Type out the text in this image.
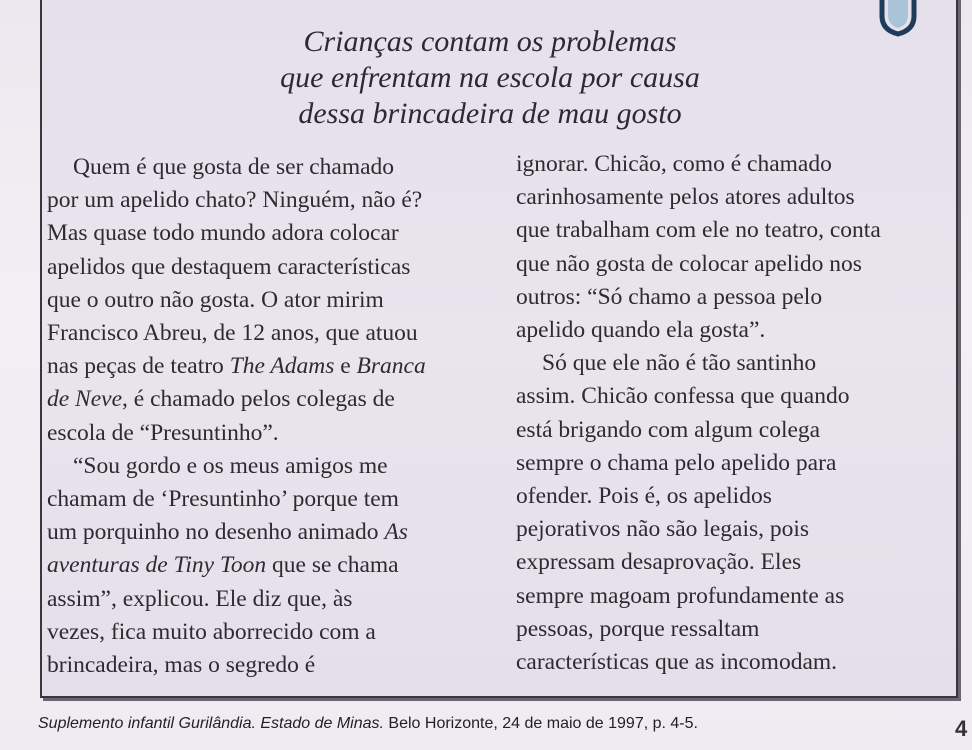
Crianças contam os problemas
que enfrentam na escola por causa
dessa brincadeira de mau gosto
Quem é que gosta de ser chamado
por um apelido chato? Ninguém, não é?
Mas quase todo mundo adora colocar
apelidos que destaquem características
que o outro não gosta. O ator mirim
Francisco Abreu, de 12 anos, que atuou
nas peças de teatro The Adams e Branca
de Neve, é chamado pelos colegas de
escola de “Presuntinho”.
“Sou gordo e os meus amigos me
chamam de ‘Presuntinho’ porque tem
um porquinho no desenho animado As
aventuras de Tiny Toon que se chama
assim”, explicou. Ele diz que, às
vezes, fica muito aborrecido com a
brincadeira, mas o segredo é
ignorar. Chicão, como é chamado
carinhosamente pelos atores adultos
que trabalham com ele no teatro, conta
que não gosta de colocar apelido nos
outros: “Só chamo a pessoa pelo
apelido quando ela gosta”.
Só que ele não é tão santinho
assim. Chicão confessa que quando
está brigando com algum colega
sempre o chama pelo apelido para
ofender. Pois é, os apelidos
pejorativos não são legais, pois
expressam desaprovação. Eles
sempre magoam profundamente as
pessoas, porque ressaltam
características que as incomodam.
Suplemento infantil Gurilândia. Estado de Minas. Belo Horizonte, 24 de maio de 1997, p. 4-5.	4
